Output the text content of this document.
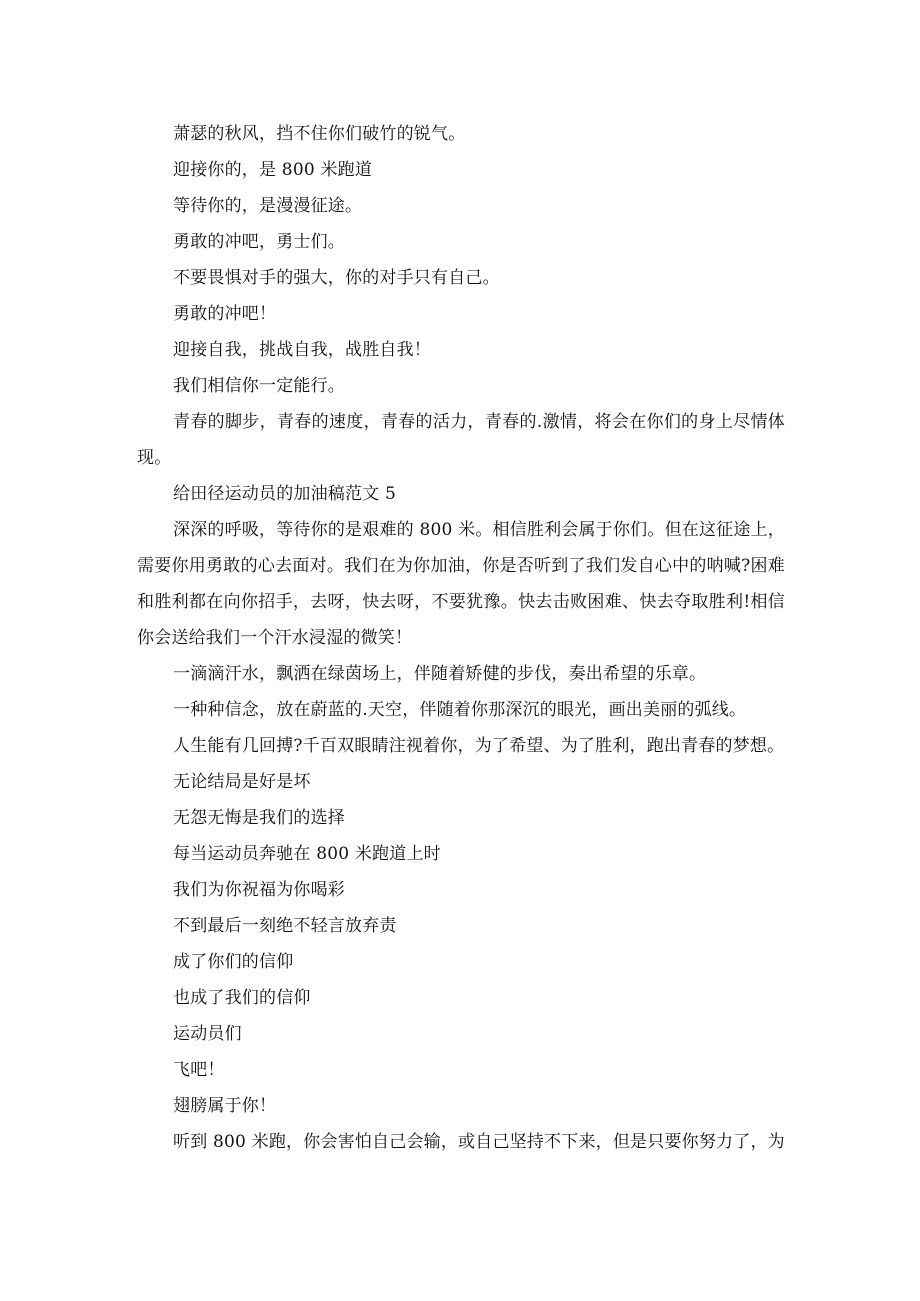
萧瑟的秋风，挡不住你们破竹的锐气。

迎接你的，是 800 米跑道

等待你的，是漫漫征途。

勇敢的冲吧，勇士们。

不要畏惧对手的强大，你的对手只有自己。

勇敢的冲吧！

迎接自我，挑战自我，战胜自我！

我们相信你一定能行。

青春的脚步，青春的速度，青春的活力，青春的.激情，将会在你们的身上尽情体现。

给田径运动员的加油稿范文 5

深深的呼吸，等待你的是艰难的 800 米。相信胜利会属于你们。但在这征途上，需要你用勇敢的心去面对。我们在为你加油，你是否听到了我们发自心中的呐喊?困难和胜利都在向你招手，去呀，快去呀，不要犹豫。快去击败困难、快去夺取胜利!相信你会送给我们一个汗水浸湿的微笑！

一滴滴汗水，飘洒在绿茵场上，伴随着矫健的步伐，奏出希望的乐章。

一种种信念，放在蔚蓝的.天空，伴随着你那深沉的眼光，画出美丽的弧线。

人生能有几回搏?千百双眼睛注视着你，为了希望、为了胜利，跑出青春的梦想。

无论结局是好是坏

无怨无悔是我们的选择

每当运动员奔驰在 800 米跑道上时

我们为你祝福为你喝彩

不到最后一刻绝不轻言放弃责

成了你们的信仰

也成了我们的信仰

运动员们

飞吧！

翅膀属于你！

听到 800 米跑，你会害怕自己会输，或自己坚持不下来，但是只要你努力了，为
